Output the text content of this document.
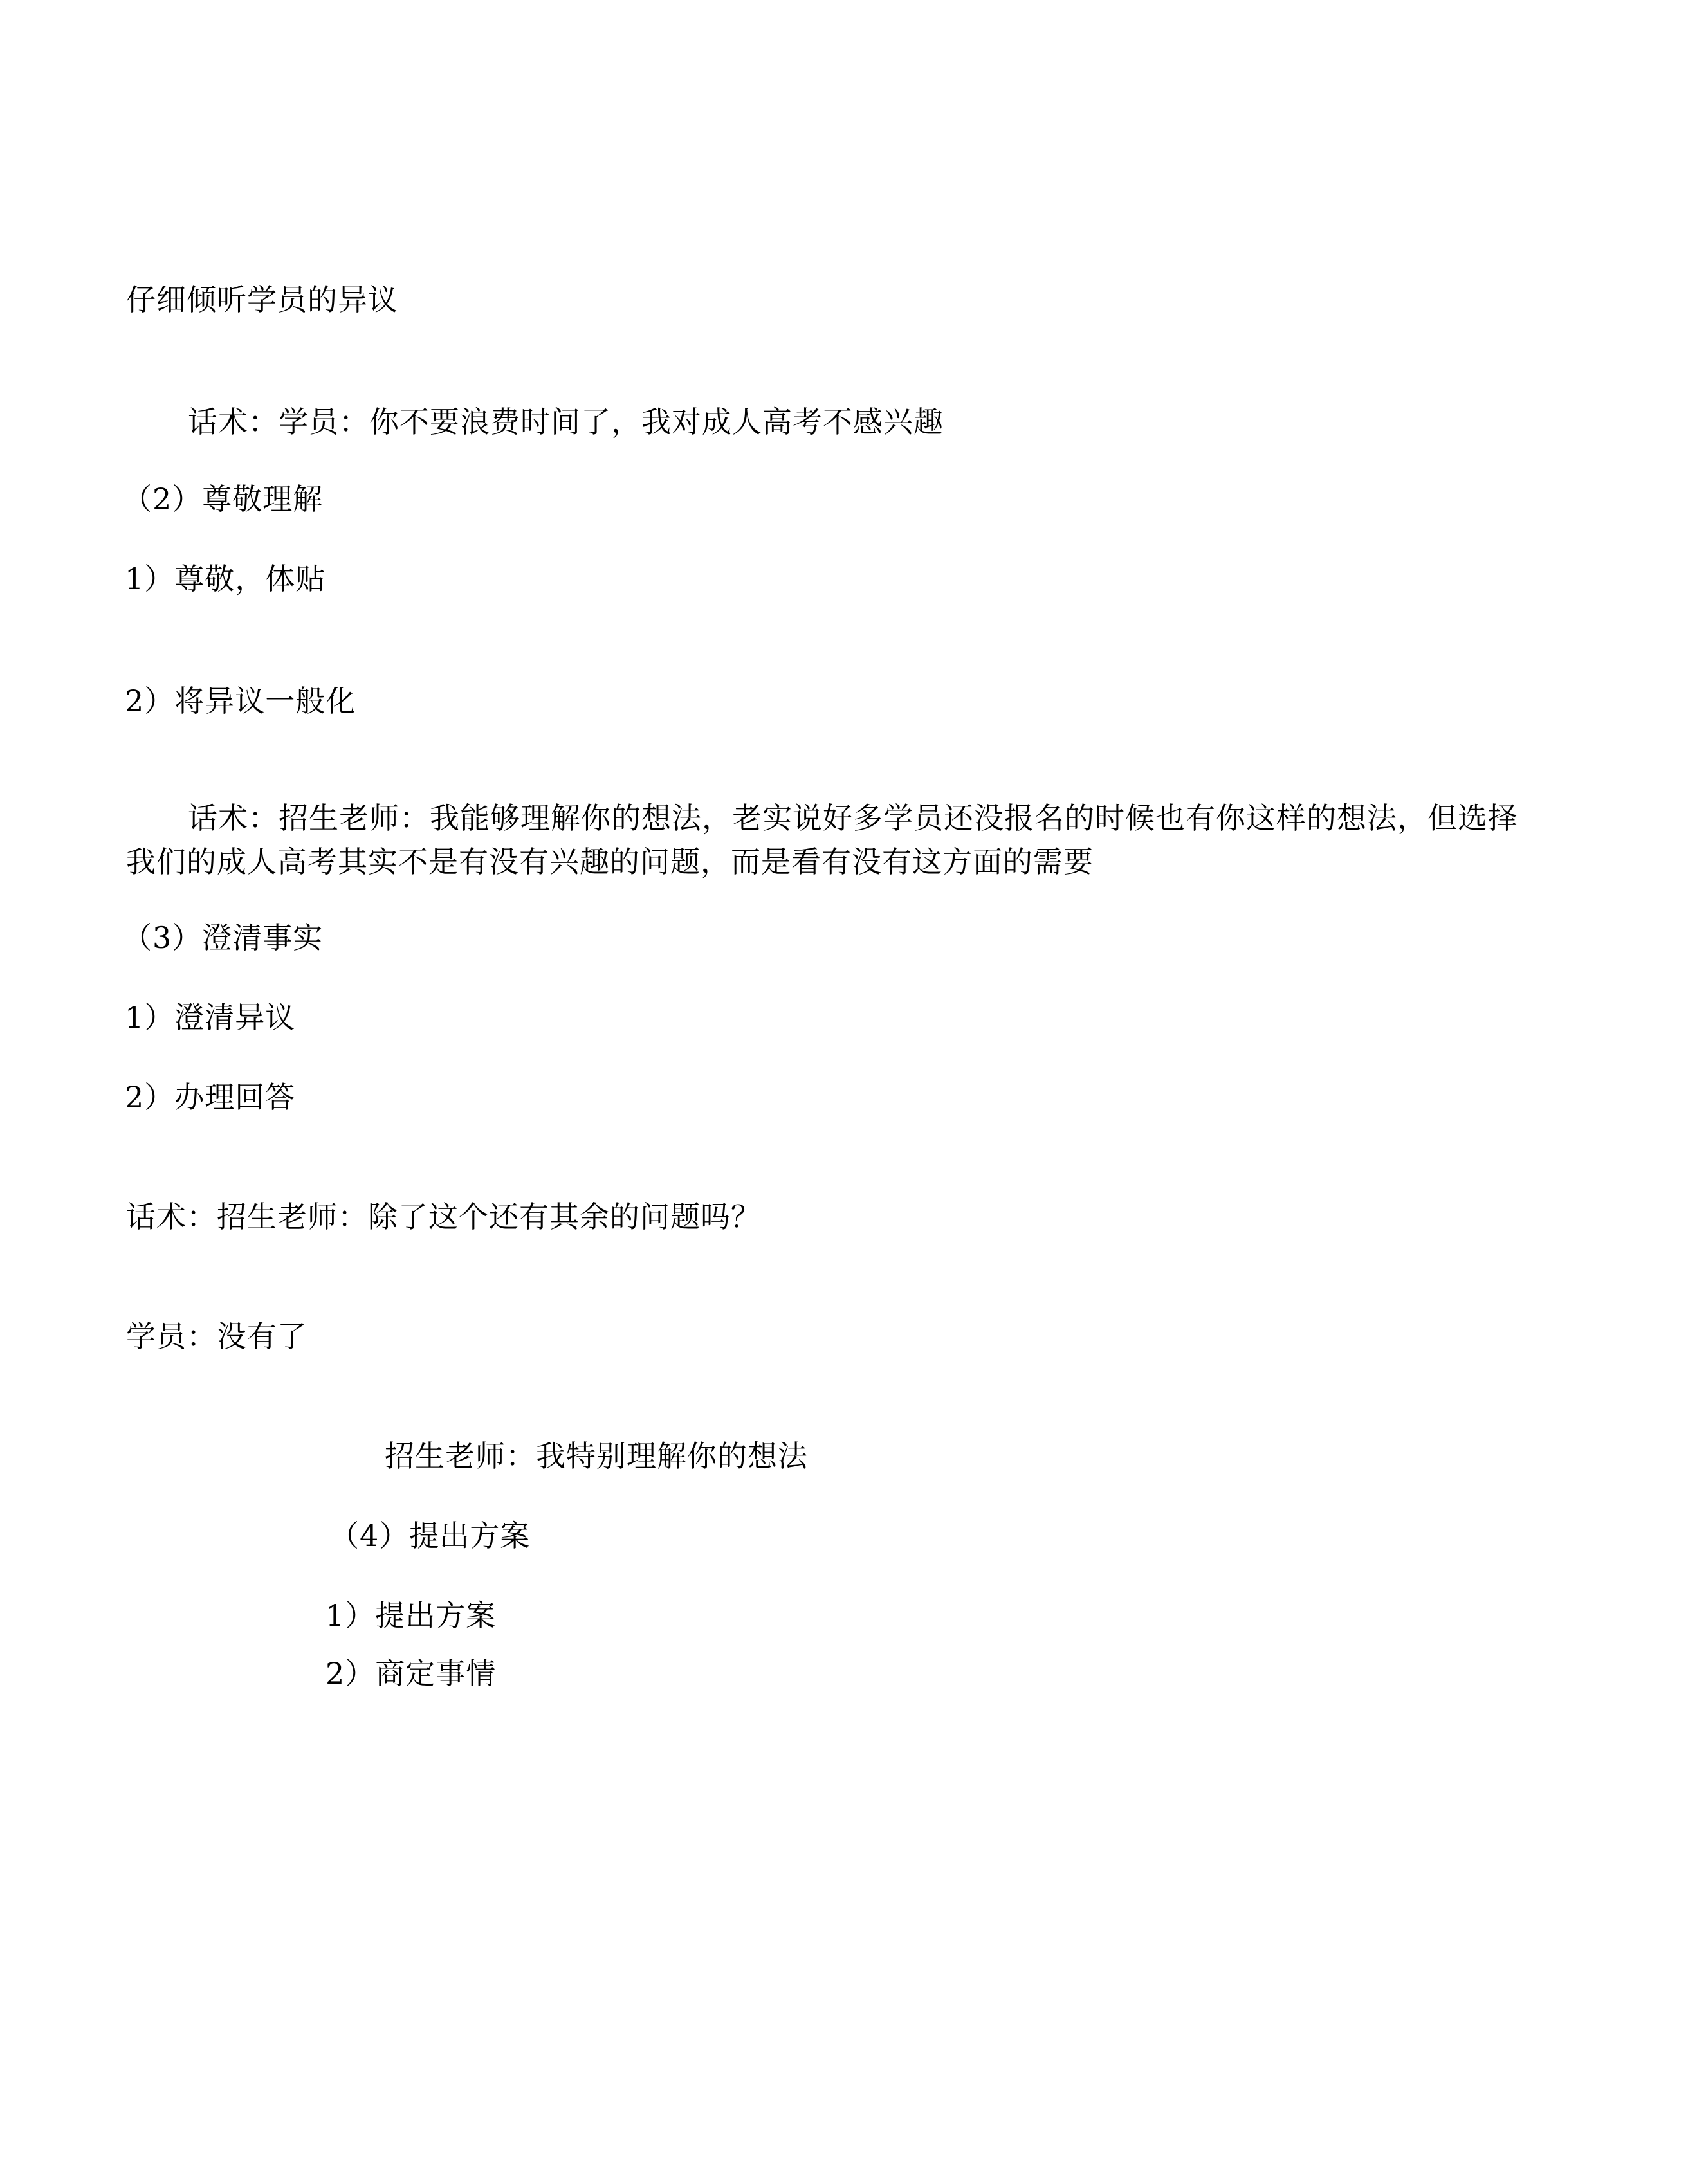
仔细倾听学员的异议
话术：学员：你不要浪费时间了，我对成人高考不感兴趣
（2）尊敬理解
1）尊敬，体贴
2）将异议一般化
话术：招生老师：我能够理解你的想法，老实说好多学员还没报名的时候也有你这样的想法，但选择
我们的成人高考其实不是有没有兴趣的问题，而是看有没有这方面的需要
（3）澄清事实
1）澄清异议
2）办理回答
话术：招生老师：除了这个还有其余的问题吗？
学员：没有了
招生老师：我特别理解你的想法
（4）提出方案
1）提出方案
2）商定事情
